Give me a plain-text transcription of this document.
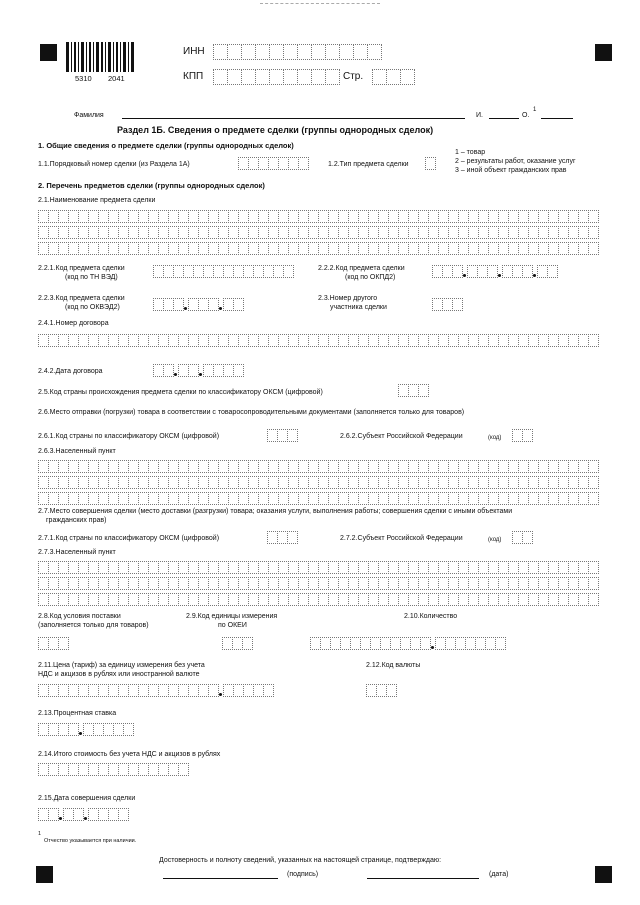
5310 2041
ИНН
КПП	Стр.
Фамилия	И.	О.
1
Раздел 1Б. Сведения о предмете сделки (группы однородных сделок)
1. Общие сведения о предмете сделки (группы однородных сделок)
1.1.Порядковый номер сделки (из Раздела 1А)	1.2.Тип предмета сделки
1 – товар
2 – результаты работ, оказание услуг
3 – иной объект гражданских прав
2. Перечень предметов сделки (группы однородных сделок)
2.1.Наименование предмета сделки
2.2.1.Код предмета сделки
(код по ТН ВЭД)
2.2.2.Код предмета сделки
(код по ОКПД2)
2.2.3.Код предмета сделки
(код по ОКВЭД2)
2.3.Номер другого
участника сделки
2.4.1.Номер договора
2.4.2.Дата договора
2.5.Код страны происхождения предмета сделки по классификатору ОКСМ (цифровой)
2.6.Место отправки (погрузки) товара в соответствии с товаросопроводительными документами (заполняется только для товаров)
2.6.1.Код страны по классификатору ОКСМ (цифровой)	2.6.2.Субъект Российской Федерации	(код)
2.6.3.Населенный пункт
2.7.Место совершения сделки (место доставки (разгрузки) товара; оказания услуги, выполнения работы; совершения сделки с иными объектами
гражданских прав)
2.7.1.Код страны по классификатору ОКСМ (цифровой)	2.7.2.Субъект Российской Федерации	(код)
2.7.3.Населенный пункт
2.8.Код условия поставки
(заполняется только для товаров)
2.9.Код единицы измерения
по ОКЕИ
2.10.Количество
2.11.Цена (тариф) за единицу измерения без учета
НДС и акцизов в рублях или иностранной валюте
2.12.Код валюты
2.13.Процентная ставка
2.14.Итого стоимость без учета НДС и акцизов в рублях
2.15.Дата совершения сделки
1
Отчество указывается при наличии.
Достоверность и полноту сведений, указанных на настоящей странице, подтверждаю:
(подпись)	(дата)
